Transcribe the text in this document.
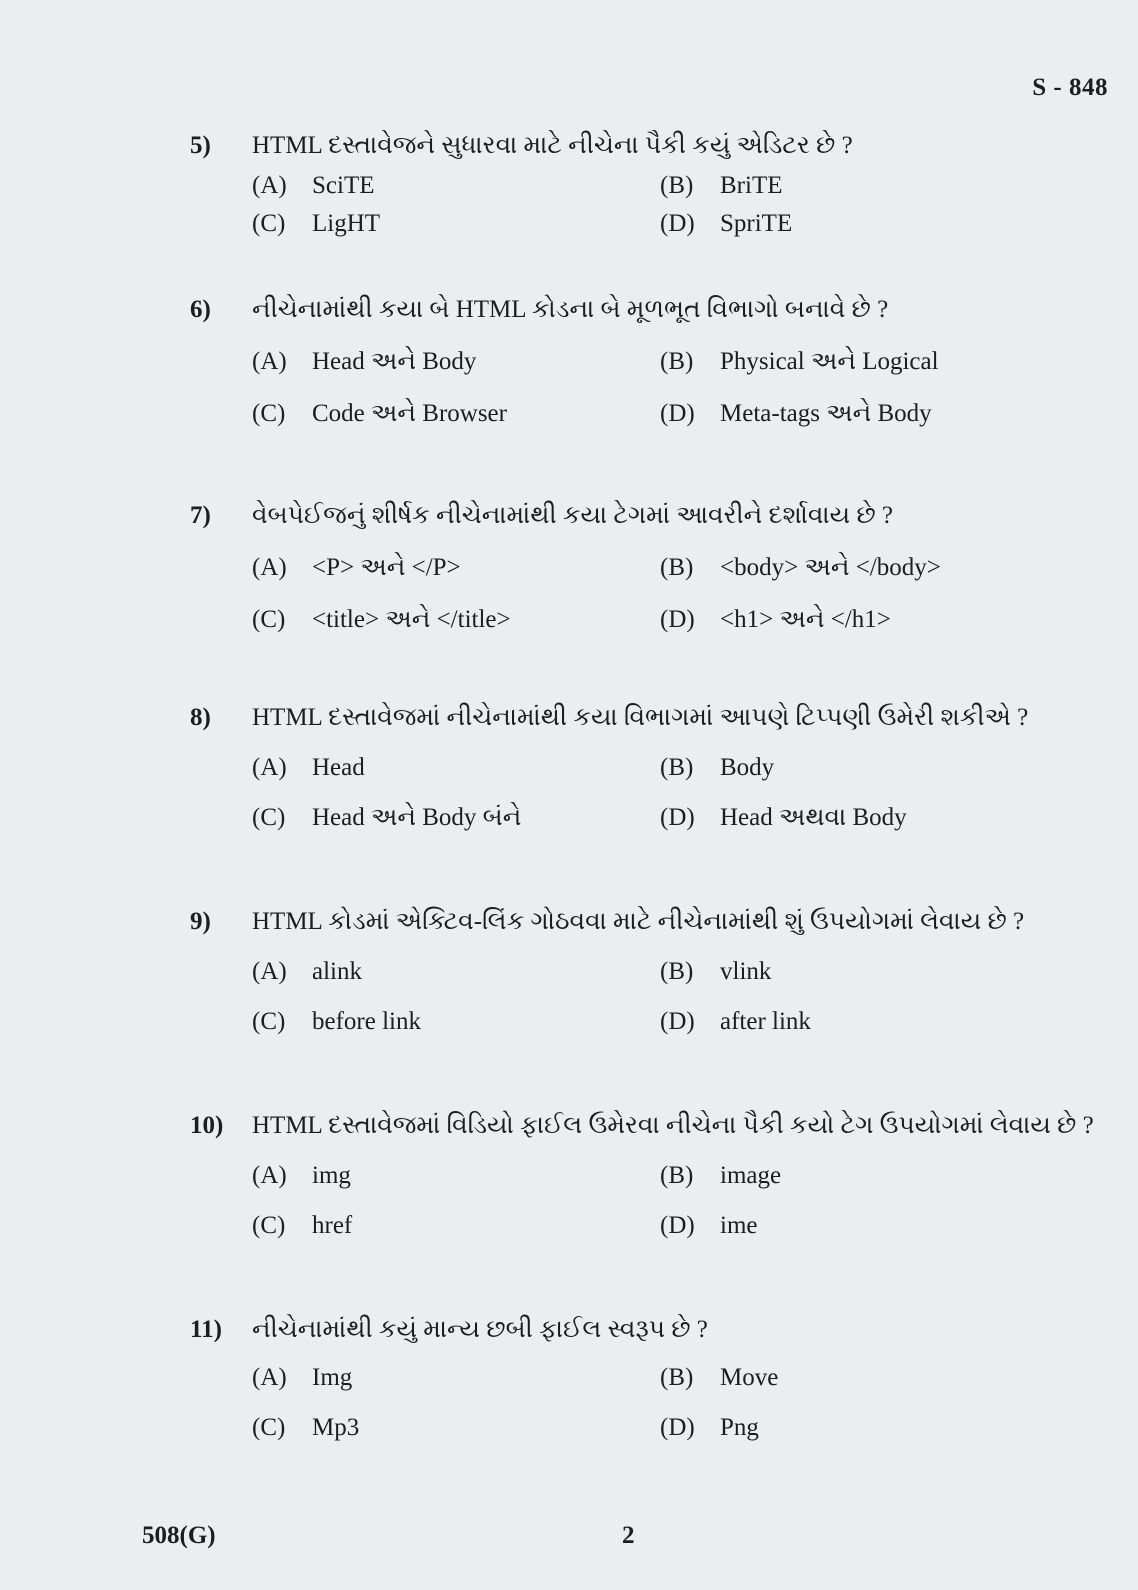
S - 848
5) HTML દસ્તાવેજને સુધારવા માટે નીચેના પૈકી કયું એડિટર છે ?
(A) SciTE	(B) BriTE
(C) LigHT	(D) SpriTE
6) નીચેનામાંથી કયા બે HTML કોડના બે મૂળભૂત વિભાગો બનાવે છે ?
(A) Head અને Body	(B) Physical અને Logical
(C) Code અને Browser	(D) Meta-tags અને Body
7) વેબપેઈજનું શીર્ષક નીચેનામાંથી કયા ટેગમાં આવરીને દર્શાવાય છે ?
(A) <P> અને </P>	(B) <body> અને </body>
(C) <title> અને </title>	(D) <h1> અને </h1>
8) HTML દસ્તાવેજમાં નીચેનામાંથી કયા વિભાગમાં આપણે ટિપ્પણી ઉમેરી શકીએ ?
(A) Head	(B) Body
(C) Head અને Body બંને	(D) Head અથવા Body
9) HTML કોડમાં એક્ટિવ-લિંક ગોઠવવા માટે નીચેનામાંથી શું ઉપયોગમાં લેવાય છે ?
(A) alink	(B) vlink
(C) before link	(D) after link
10) HTML દસ્તાવેજમાં વિડિયો ફાઈલ ઉમેરવા નીચેના પૈકી કયો ટેગ ઉપયોગમાં લેવાય છે ?
(A) img	(B) image
(C) href	(D) ime
11) નીચેનામાંથી કયું માન્ય છબી ફાઈલ સ્વરૂપ છે ?
(A) Img	(B) Move
(C) Mp3	(D) Png
508(G)	2
